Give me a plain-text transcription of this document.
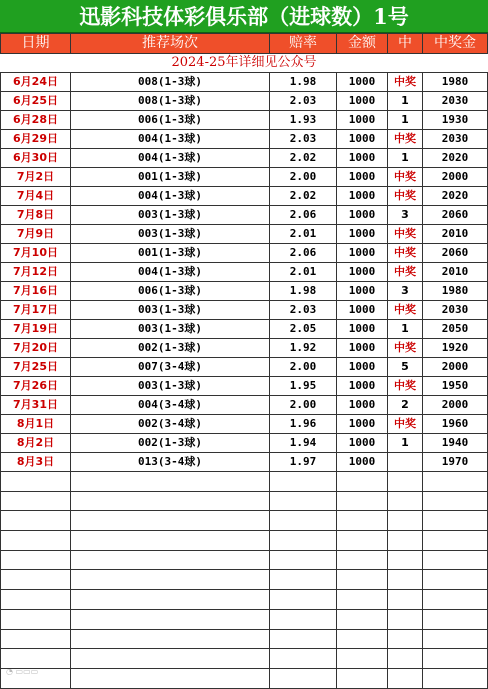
迅影科技体彩俱乐部（进球数）1号
日期	推荐场次	赔率	金额	中	中奖金
2024-25年详细见公众号					
6月24日	008(1-3球)	1.98	1000	中奖	1980
6月25日	008(1-3球)	2.03	1000	1	2030
6月28日	006(1-3球)	1.93	1000	1	1930
6月29日	004(1-3球)	2.03	1000	中奖	2030
6月30日	004(1-3球)	2.02	1000	1	2020
7月2日	001(1-3球)	2.00	1000	中奖	2000
7月4日	004(1-3球)	2.02	1000	中奖	2020
7月8日	003(1-3球)	2.06	1000	3	2060
7月9日	003(1-3球)	2.01	1000	中奖	2010
7月10日	001(1-3球)	2.06	1000	中奖	2060
7月12日	004(1-3球)	2.01	1000	中奖	2010
7月16日	006(1-3球)	1.98	1000	3	1980
7月17日	003(1-3球)	2.03	1000	中奖	2030
7月19日	003(1-3球)	2.05	1000	1	2050
7月20日	002(1-3球)	1.92	1000	中奖	1920
7月25日	007(3-4球)	2.00	1000	5	2000
7月26日	003(1-3球)	1.95	1000	中奖	1950
7月31日	004(3-4球)	2.00	1000	2	2000
8月1日	002(3-4球)	1.96	1000	中奖	1960
8月2日	002(1-3球)	1.94	1000	1	1940
8月3日	013(3-4球)	1.97	1000		1970

◔ ▭▭▭
